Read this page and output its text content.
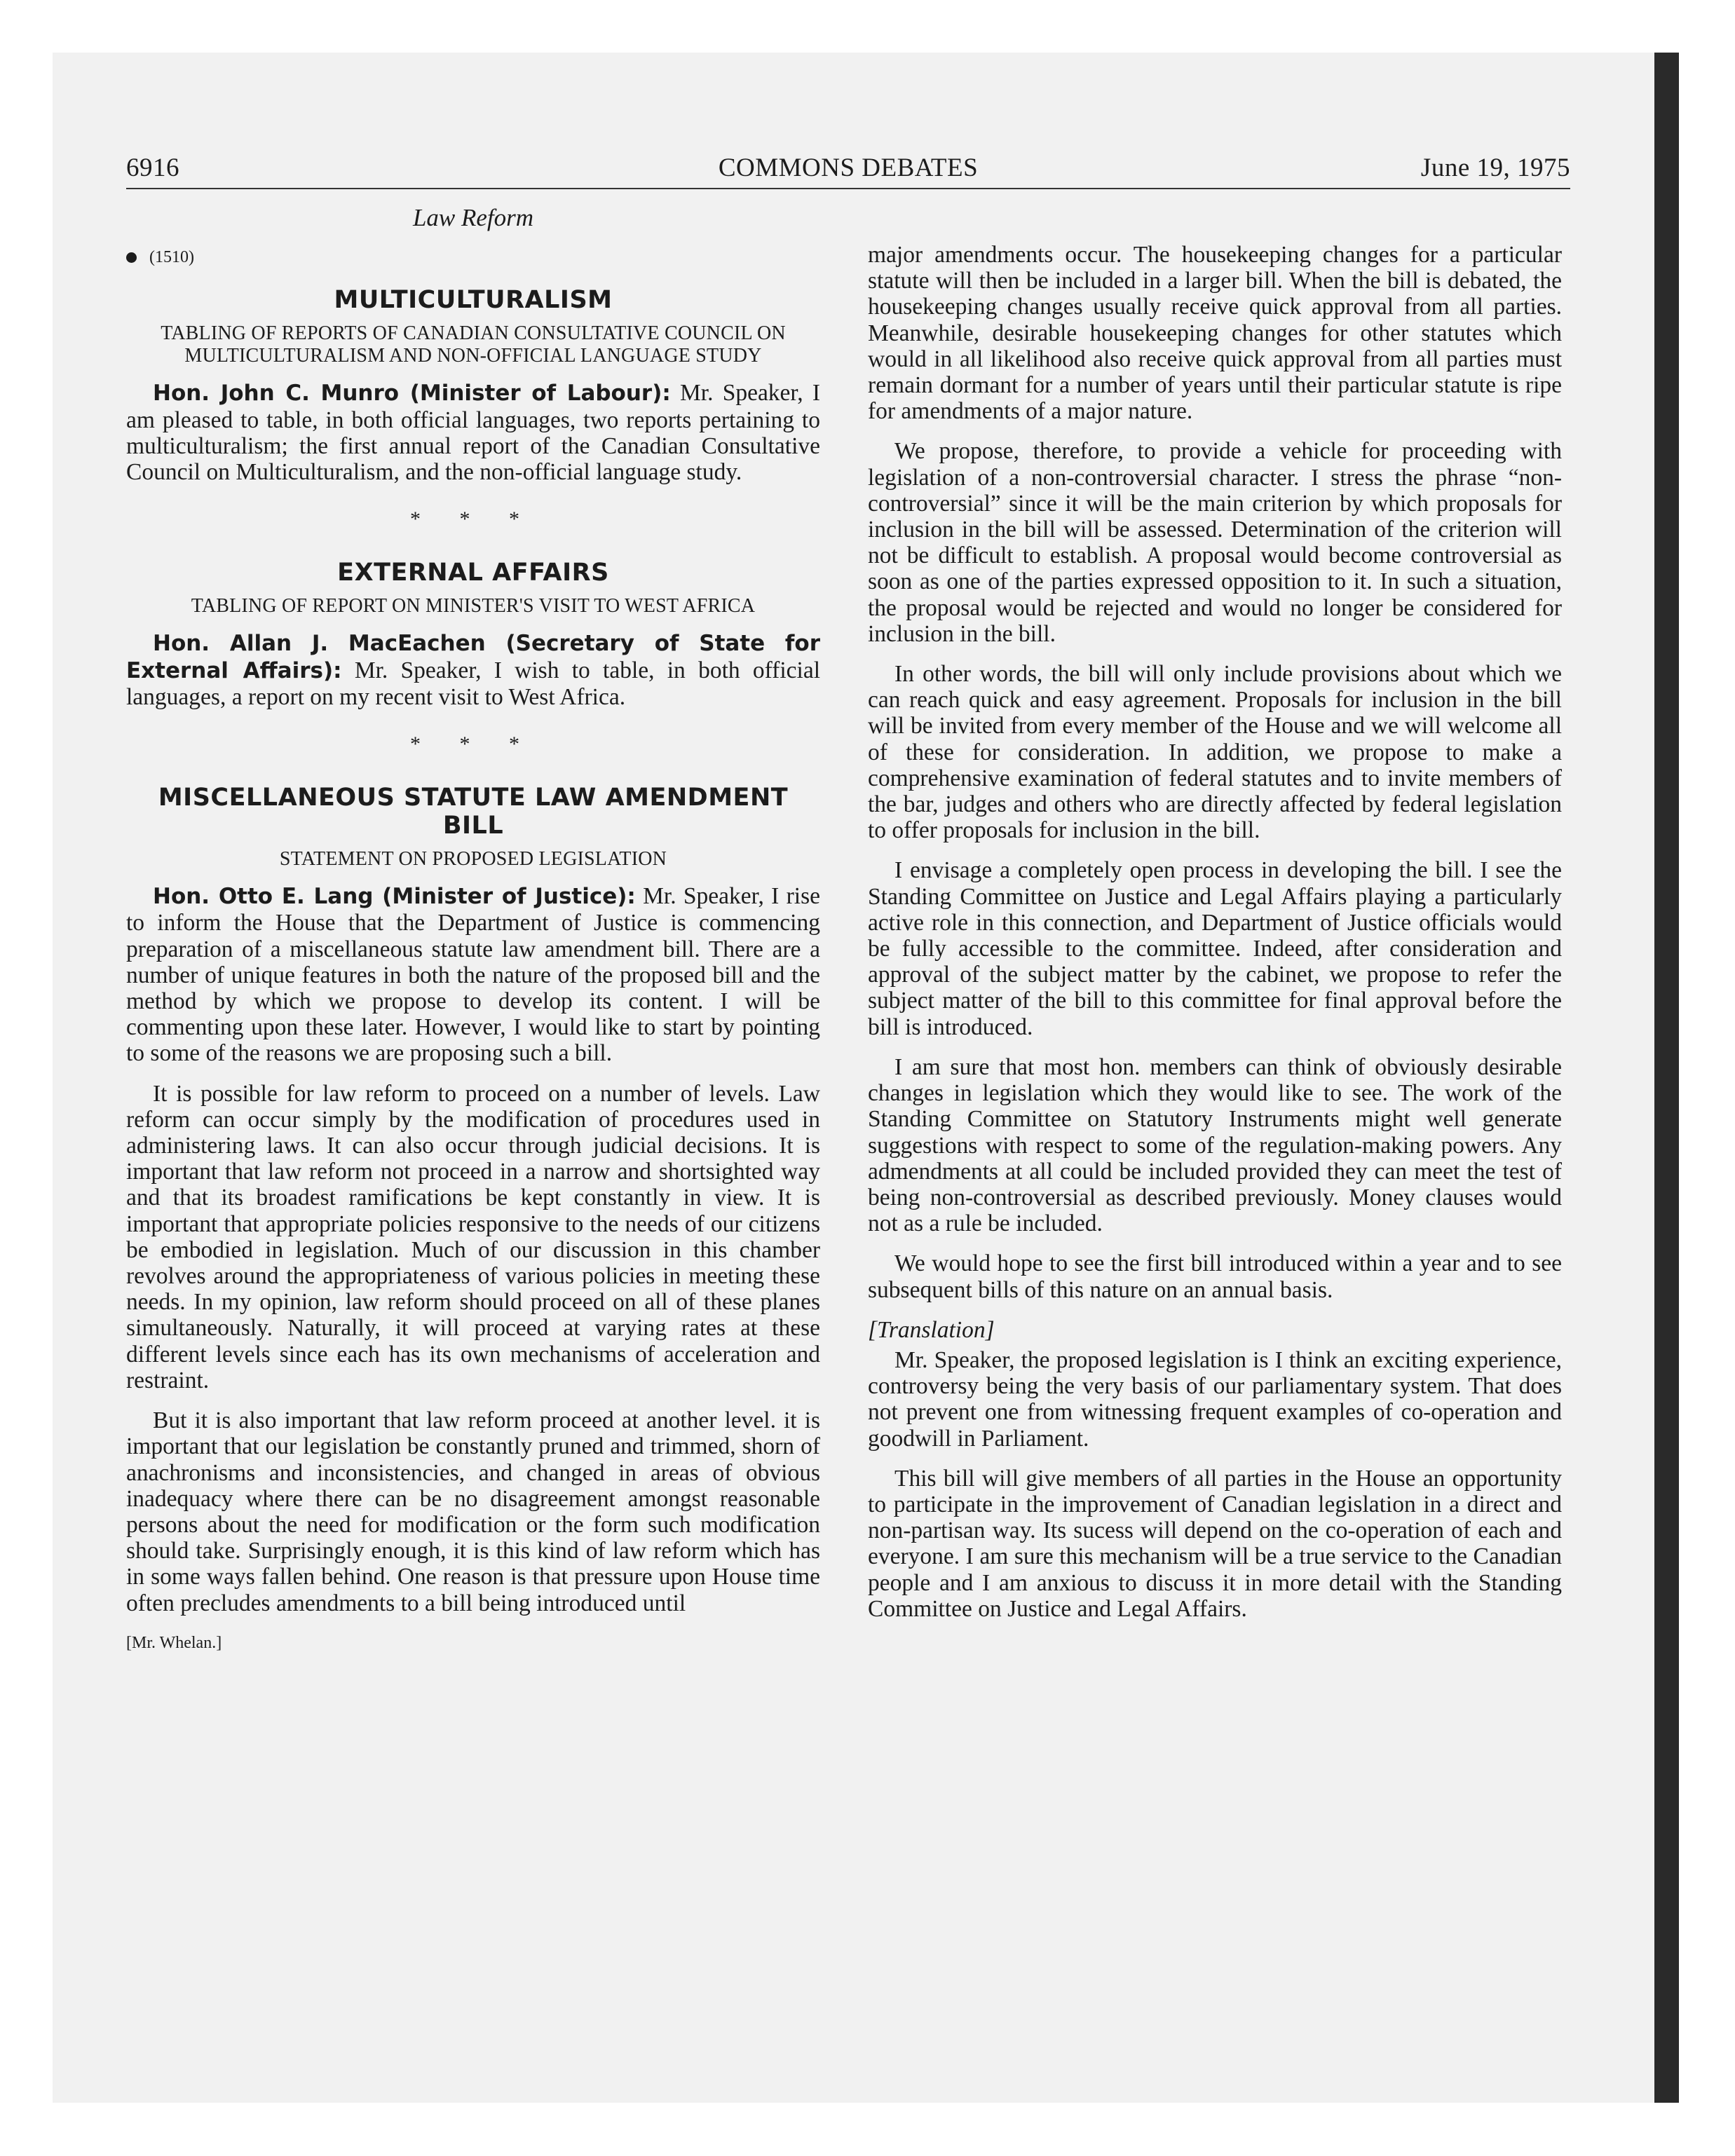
6916	COMMONS DEBATES	June 19, 1975
Law Reform
(1510)
MULTICULTURALISM
TABLING OF REPORTS OF CANADIAN CONSULTATIVE COUNCIL ON MULTICULTURALISM AND NON-OFFICIAL LANGUAGE STUDY

Hon. John C. Munro (Minister of Labour): Mr. Speaker, I am pleased to table, in both official languages, two reports pertaining to multiculturalism; the first annual report of the Canadian Consultative Council on Multiculturalism, and the non-official language study.

* * *
EXTERNAL AFFAIRS
TABLING OF REPORT ON MINISTER'S VISIT TO WEST AFRICA

Hon. Allan J. MacEachen (Secretary of State for External Affairs): Mr. Speaker, I wish to table, in both official languages, a report on my recent visit to West Africa.

* * *
MISCELLANEOUS STATUTE LAW AMENDMENT BILL
STATEMENT ON PROPOSED LEGISLATION

Hon. Otto E. Lang (Minister of Justice): Mr. Speaker, I rise to inform the House that the Department of Justice is commencing preparation of a miscellaneous statute law amendment bill. There are a number of unique features in both the nature of the proposed bill and the method by which we propose to develop its content. I will be commenting upon these later. However, I would like to start by pointing to some of the reasons we are proposing such a bill.

It is possible for law reform to proceed on a number of levels. Law reform can occur simply by the modification of procedures used in administering laws. It can also occur through judicial decisions. It is important that law reform not proceed in a narrow and shortsighted way and that its broadest ramifications be kept constantly in view. It is important that appropriate policies responsive to the needs of our citizens be embodied in legislation. Much of our discussion in this chamber revolves around the appropriateness of various policies in meeting these needs. In my opinion, law reform should proceed on all of these planes simultaneously. Naturally, it will proceed at varying rates at these different levels since each has its own mechanisms of acceleration and restraint.

But it is also important that law reform proceed at another level. it is important that our legislation be constantly pruned and trimmed, shorn of anachronisms and inconsistencies, and changed in areas of obvious inadequacy where there can be no disagreement amongst reasonable persons about the need for modification or the form such modification should take. Surprisingly enough, it is this kind of law reform which has in some ways fallen behind. One reason is that pressure upon House time often precludes amendments to a bill being introduced until

[Mr. Whelan.]

major amendments occur. The housekeeping changes for a particular statute will then be included in a larger bill. When the bill is debated, the housekeeping changes usually receive quick approval from all parties. Meanwhile, desirable housekeeping changes for other statutes which would in all likelihood also receive quick approval from all parties must remain dormant for a number of years until their particular statute is ripe for amendments of a major nature.

We propose, therefore, to provide a vehicle for proceeding with legislation of a non-controversial character. I stress the phrase “non-controversial” since it will be the main criterion by which proposals for inclusion in the bill will be assessed. Determination of the criterion will not be difficult to establish. A proposal would become controversial as soon as one of the parties expressed opposition to it. In such a situation, the proposal would be rejected and would no longer be considered for inclusion in the bill.

In other words, the bill will only include provisions about which we can reach quick and easy agreement. Proposals for inclusion in the bill will be invited from every member of the House and we will welcome all of these for consideration. In addition, we propose to make a comprehensive examination of federal statutes and to invite members of the bar, judges and others who are directly affected by federal legislation to offer proposals for inclusion in the bill.

I envisage a completely open process in developing the bill. I see the Standing Committee on Justice and Legal Affairs playing a particularly active role in this connection, and Department of Justice officials would be fully accessible to the committee. Indeed, after consideration and approval of the subject matter by the cabinet, we propose to refer the subject matter of the bill to this committee for final approval before the bill is introduced.

I am sure that most hon. members can think of obviously desirable changes in legislation which they would like to see. The work of the Standing Committee on Statutory Instruments might well generate suggestions with respect to some of the regulation-making powers. Any admendments at all could be included provided they can meet the test of being non-controversial as described previously. Money clauses would not as a rule be included.

We would hope to see the first bill introduced within a year and to see subsequent bills of this nature on an annual basis.

[Translation]

Mr. Speaker, the proposed legislation is I think an exciting experience, controversy being the very basis of our parliamentary system. That does not prevent one from witnessing frequent examples of co-operation and goodwill in Parliament.

This bill will give members of all parties in the House an opportunity to participate in the improvement of Canadian legislation in a direct and non-partisan way. Its sucess will depend on the co-operation of each and everyone. I am sure this mechanism will be a true service to the Canadian people and I am anxious to discuss it in more detail with the Standing Committee on Justice and Legal Affairs.
